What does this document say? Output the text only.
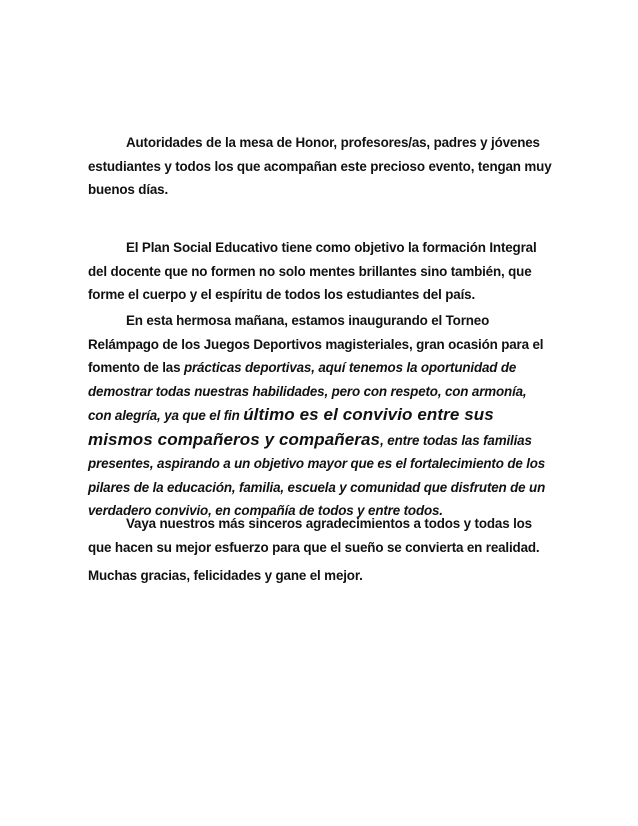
Autoridades de la mesa de Honor, profesores/as, padres y jóvenes estudiantes y todos los que acompañan este precioso evento, tengan muy buenos días.

El Plan Social Educativo tiene como objetivo la formación Integral del docente que no formen no solo mentes brillantes sino también, que forme el cuerpo y el espíritu de todos los estudiantes del país.

En esta hermosa mañana, estamos inaugurando el Torneo Relámpago de los Juegos Deportivos magisteriales, gran ocasión para el fomento de las prácticas deportivas, aquí tenemos la oportunidad de demostrar todas nuestras habilidades, pero con respeto, con armonía, con alegría, ya que el fin último es el convivio entre sus mismos compañeros y compañeras, entre todas las familias presentes, aspirando a un objetivo mayor que es el fortalecimiento de los pilares de la educación, familia, escuela y comunidad que disfruten de un verdadero convivio, en compañía de todos y entre todos.

Vaya nuestros más sinceros agradecimientos a todos y todas los que hacen su mejor esfuerzo para que el sueño se convierta en realidad.

Muchas gracias, felicidades y gane el mejor.
